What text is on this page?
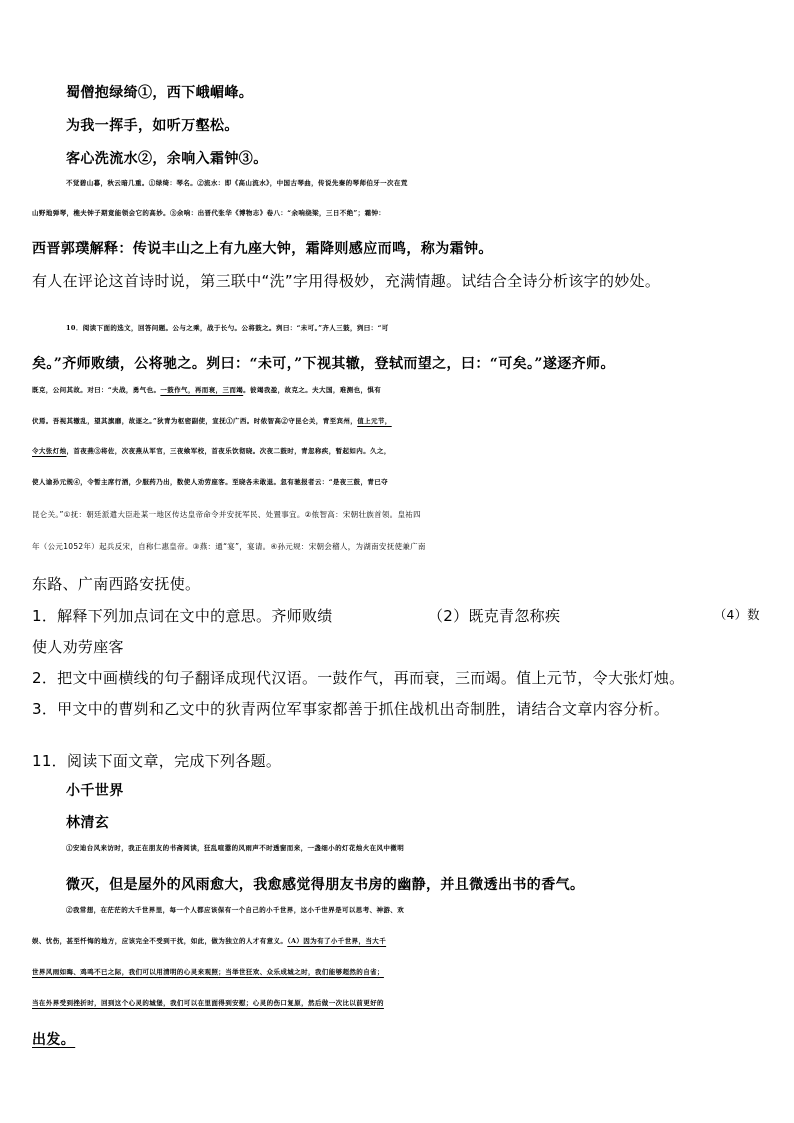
蜀僧抱绿绮①，西下峨嵋峰。
为我一挥手，如听万壑松。
客心洗流水②，余响入霜钟③。
不觉碧山暮，秋云暗几重。①绿绮：琴名。②流水：即《高山流水》，中国古琴曲，传说先秦的琴师伯牙一次在荒
山野地弹琴，樵夫钟子期竟能领会它的高妙。③余响：出晋代张华《博物志》卷八：“余响绕梁，三日不绝”；霜钟：
西晋郭璞解释：传说丰山之上有九座大钟，霜降则感应而鸣，称为霜钟。
有人在评论这首诗时说，第三联中“洗”字用得极妙，充满情趣。试结合全诗分析该字的妙处。
10．阅读下面的选文，回答问题。公与之乘，战于长勺。公将鼓之。刿曰：“未可。”齐人三鼓，刿曰：“可
矣。”齐师败绩，公将驰之。刿曰：“未可，”下视其辙，登轼而望之，曰：“可矣。”遂逐齐师。
既克，公问其故。对曰：“夫战，勇气也。一鼓作气，再而衰，三而竭。彼竭我盈，故克之。夫大国，难测也，惧有
伏焉。吾视其辙乱，望其旗靡，故逐之。”狄青为枢密副使，宣抚①广西。时侬智高②守昆仑关，青至宾州，值上元节，
令大张灯烛，首夜燕③将佐，次夜燕从军官，三夜飨军校，首夜乐饮彻晓。次夜二鼓时，青忽称疾，暂起如内。久之，
使人谕孙元规④，令暂主席行酒，少服药乃出，数使人劝劳座客。至晓各未敢退。忽有驰报者云：“是夜三鼓，青已夺
昆仑关。”①抚：朝廷派遣大臣赴某一地区传达皇帝命令并安抚军民、处置事宜。②侬智高：宋朝壮族首领。皇祐四
年（公元1052年）起兵反宋，自称仁惠皇帝。③燕：通“宴”，宴请。④孙元规：宋朝会稽人，为湖南安抚使兼广南
东路、广南西路安抚使。
1．解释下列加点词在文中的意思。齐师败绩	（2）既克青忽称疾	（4）数
使人劝劳座客
2．把文中画横线的句子翻译成现代汉语。一鼓作气，再而衰，三而竭。值上元节，令大张灯烛。
3．甲文中的曹刿和乙文中的狄青两位军事家都善于抓住战机出奇制胜，请结合文章内容分析。
11．阅读下面文章，完成下列各题。
小千世界
林清玄
①安迪台风来访时，我正在朋友的书斋阅读，狂乱喧嚣的风雨声不时透窗而来，一盏细小的灯花烛火在风中微明
微灭，但是屋外的风雨愈大，我愈感觉得朋友书房的幽静，并且微透出书的香气。
②我常想，在茫茫的大千世界里，每一个人都应该保有一个自己的小千世界，这小千世界是可以思考、神游、欢
娱、忧伤，甚至忏悔的地方，应该完全不受到干扰，如此，做为独立的人才有意义。（A）因为有了小千世界，当大千
世界风雨如晦、鸡鸣不已之际，我们可以用清明的心灵来观照；当举世狂欢、众乐成城之时，我们能够超然的自省；
当在外界受到挫折时，回到这个心灵的城堡，我们可以在里面得到安慰；心灵的伤口复原，然后做一次比以前更好的
出发。
